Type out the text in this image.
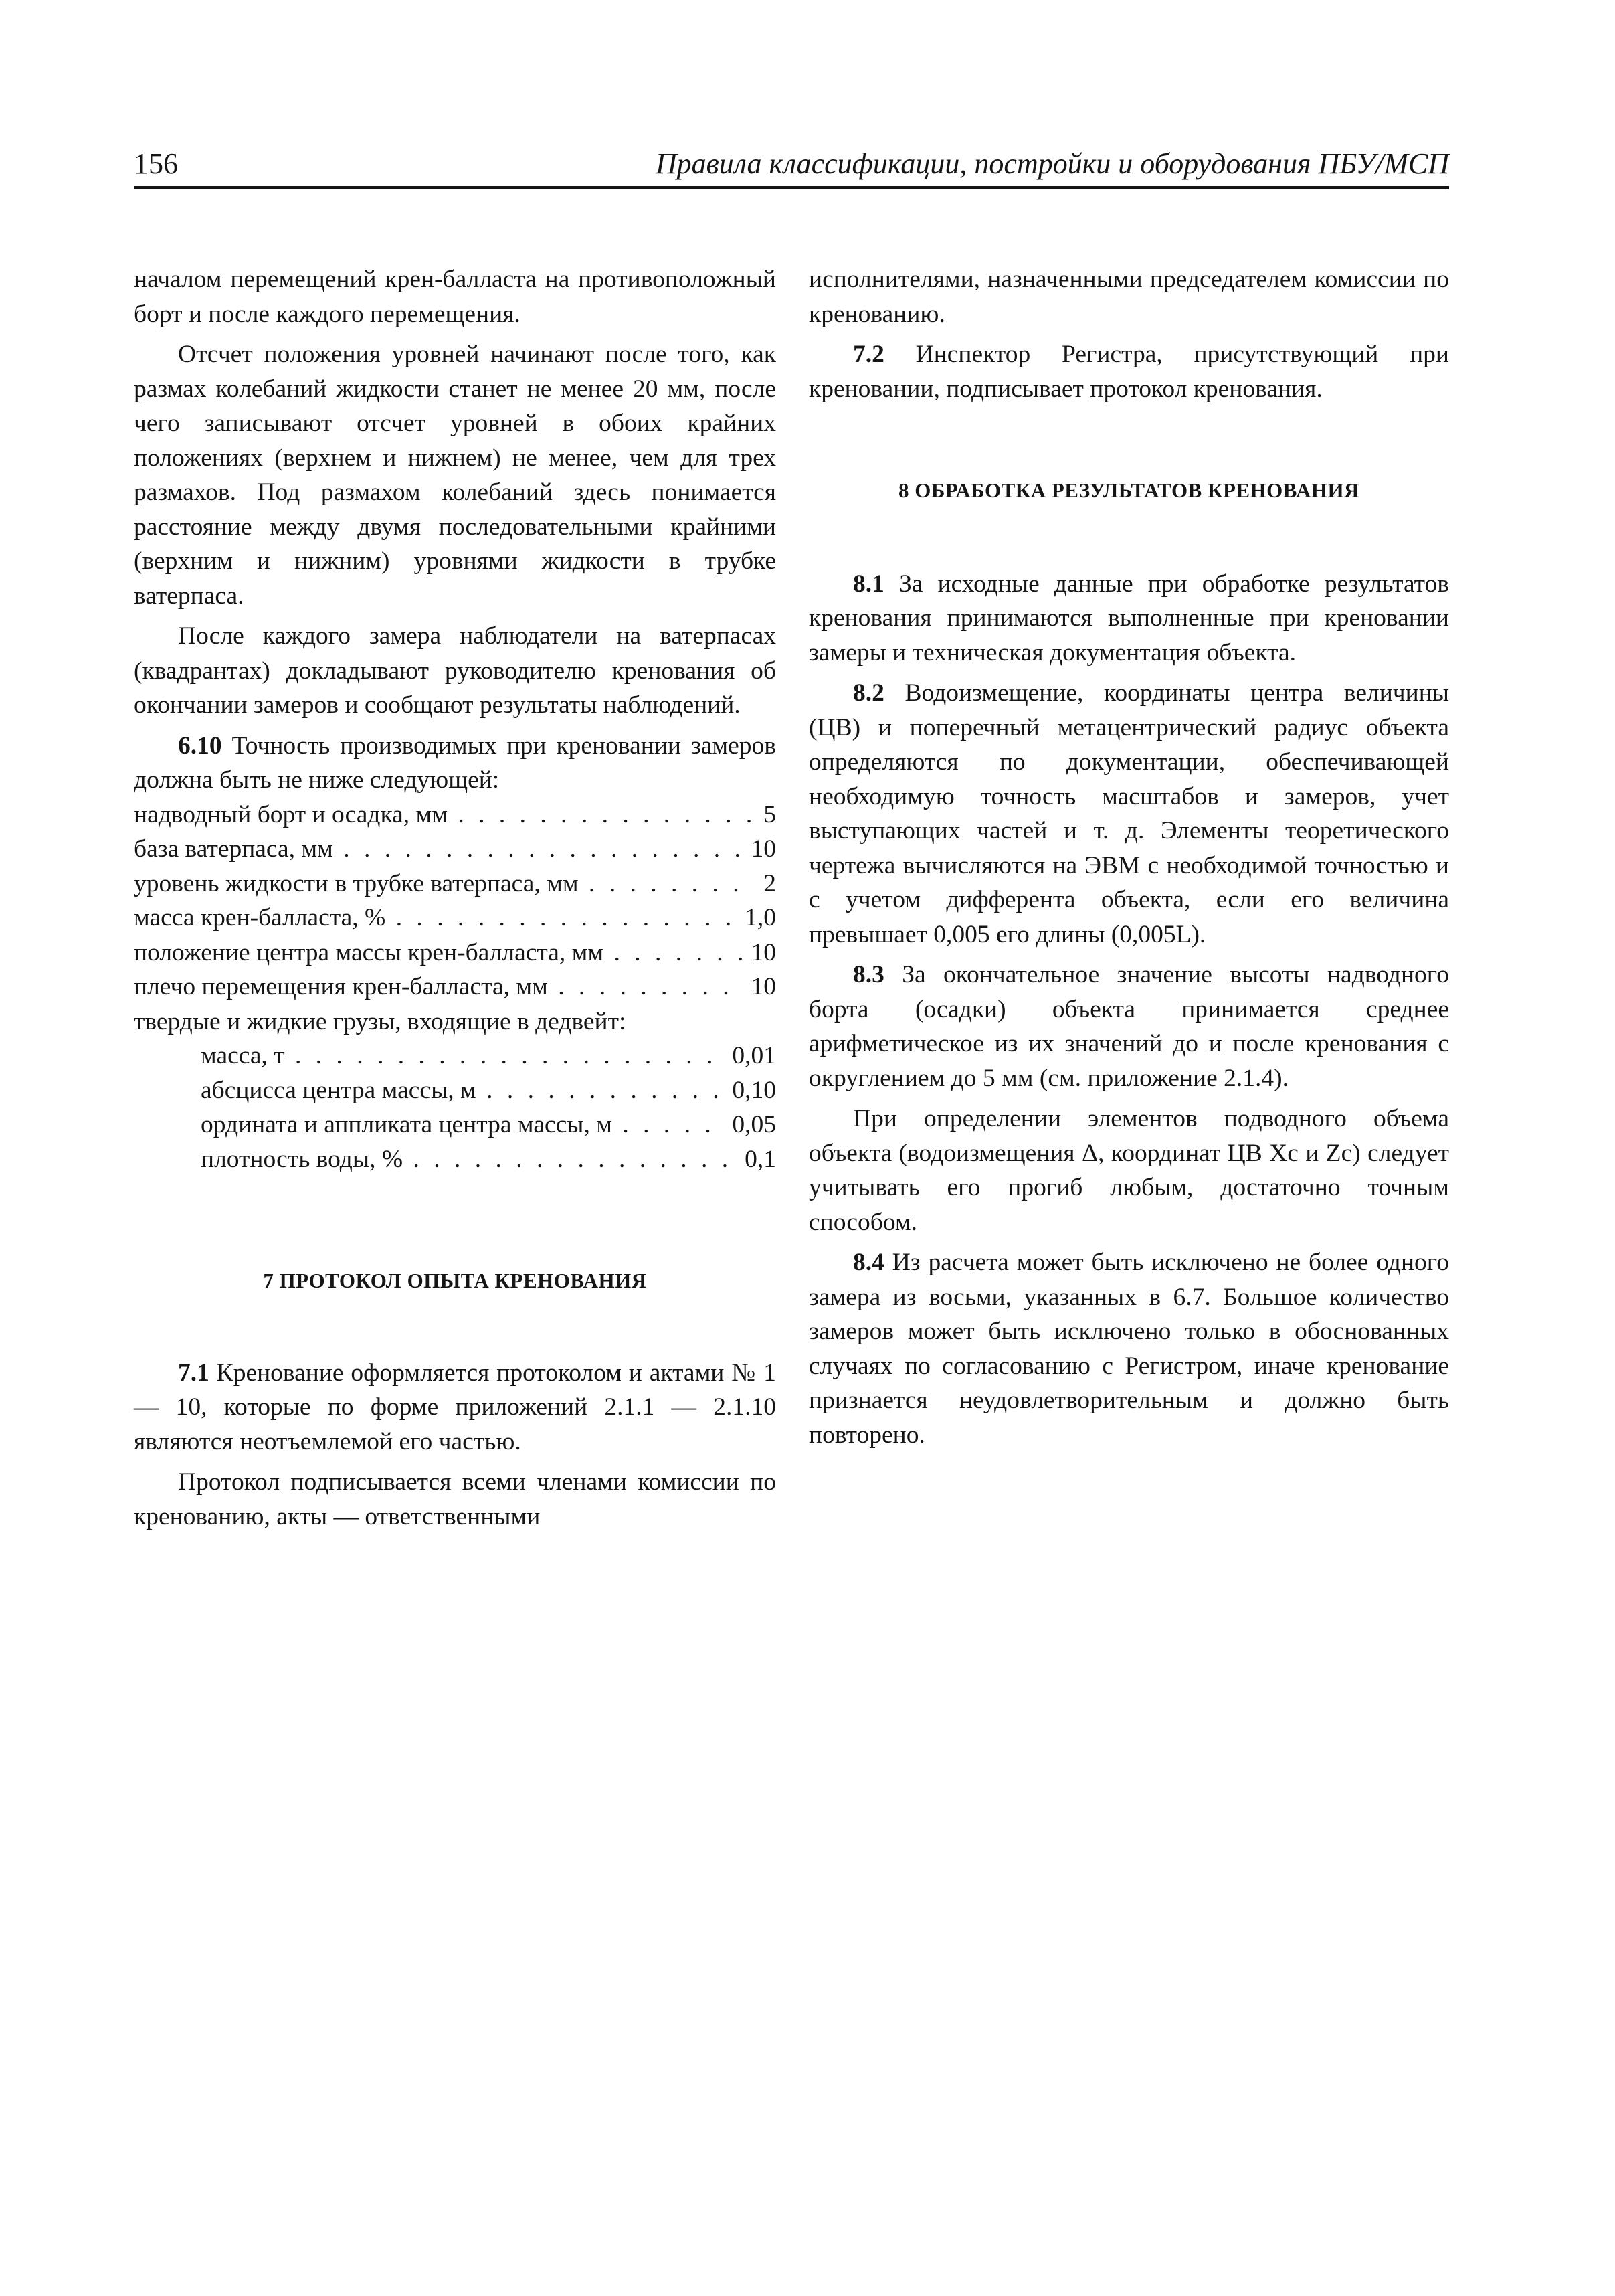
156	Правила классификации, постройки и оборудования ПБУ/МСП

началом перемещений крен-балласта на противоположный борт и после каждого перемещения.

Отсчет положения уровней начинают после того, как размах колебаний жидкости станет не менее 20 мм, после чего записывают отсчет уровней в обоих крайних положениях (верхнем и нижнем) не менее, чем для трех размахов. Под размахом колебаний здесь понимается расстояние между двумя последовательными крайними (верхним и нижним) уровнями жидкости в трубке ватерпаса.

После каждого замера наблюдатели на ватерпасах (квадрантах) докладывают руководителю кренования об окончании замеров и сообщают результаты наблюдений.

6.10 Точность производимых при креновании замеров должна быть не ниже следующей:

надводный борт и осадка, мм . . .	5
база ватерпаса, мм . . .	10
уровень жидкости в трубке ватерпаса, мм . . .	2
масса крен-балласта, % . . .	1,0
положение центра массы крен-балласта, мм . . .	10
плечо перемещения крен-балласта, мм . . .	10
твердые и жидкие грузы, входящие в дедвейт:
масса, т . . .	0,01
абсцисса центра массы, м . . .	0,10
ордината и аппликата центра массы, м . . .	0,05
плотность воды, % . . .	0,1
7 ПРОТОКОЛ ОПЫТА КРЕНОВАНИЯ

7.1 Кренование оформляется протоколом и актами № 1 — 10, которые по форме приложений 2.1.1 — 2.1.10 являются неотъемлемой его частью.

Протокол подписывается всеми членами комиссии по кренованию, акты — ответственными

исполнителями, назначенными председателем комиссии по кренованию.

7.2 Инспектор Регистра, присутствующий при креновании, подписывает протокол кренования.

8 ОБРАБОТКА РЕЗУЛЬТАТОВ КРЕНОВАНИЯ

8.1 За исходные данные при обработке результатов кренования принимаются выполненные при креновании замеры и техническая документация объекта.

8.2 Водоизмещение, координаты центра величины (ЦВ) и поперечный метацентрический радиус объекта определяются по документации, обеспечивающей необходимую точность масштабов и замеров, учет выступающих частей и т. д. Элементы теоретического чертежа вычисляются на ЭВМ с необходимой точностью и с учетом дифферента объекта, если его величина превышает 0,005 его длины (0,005L).

8.3 За окончательное значение высоты надводного борта (осадки) объекта принимается среднее арифметическое из их значений до и после кренования с округлением до 5 мм (см. приложение 2.1.4).

При определении элементов подводного объема объекта (водоизмещения Δ, координат ЦВ Xc и Zc) следует учитывать его прогиб любым, достаточно точным способом.

8.4 Из расчета может быть исключено не более одного замера из восьми, указанных в 6.7. Большое количество замеров может быть исключено только в обоснованных случаях по согласованию с Регистром, иначе кренование признается неудовлетворительным и должно быть повторено.
